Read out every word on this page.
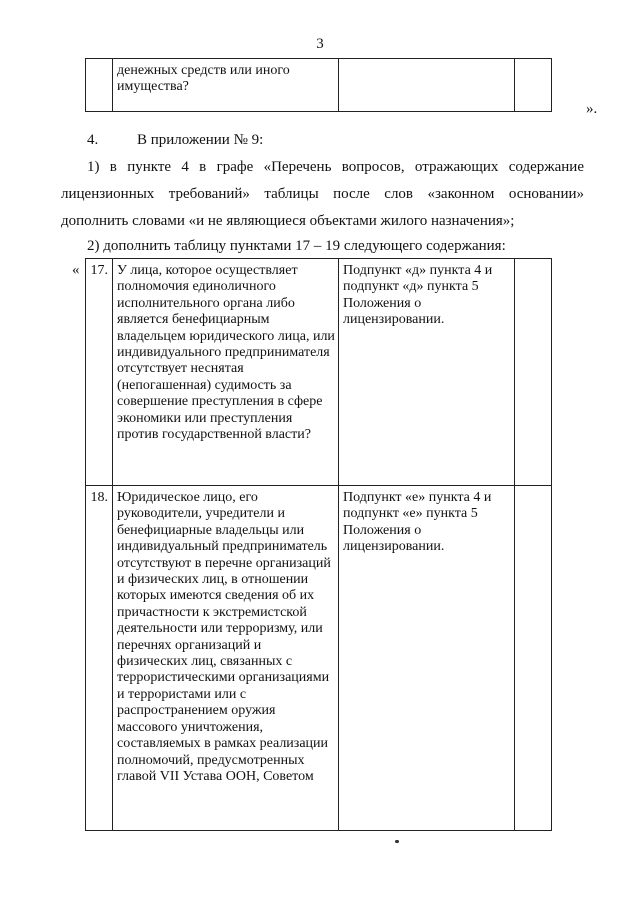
3

денежных средств или иного имущества?

».
4.	В приложении № 9:
1) в пункте 4 в графе «Перечень вопросов, отражающих содержание
лицензионных требований» таблицы после слов «законном основании»
дополнить словами «и не являющиеся объектами жилого назначения»;
2) дополнить таблицу пунктами 17 – 19 следующего содержания:
« 17.	У лица, которое осуществляет полномочия единоличного исполнительного органа либо является бенефициарным владельцем юридического лица, или индивидуального предпринимателя отсутствует неснятая (непогашенная) судимость за совершение преступления в сфере экономики или преступления против государственной власти?	Подпункт «д» пункта 4 и подпункт «д» пункта 5 Положения о лицензировании.	

18.	Юридическое лицо, его руководители, учредители и бенефициарные владельцы или индивидуальный предприниматель отсутствуют в перечне организаций и физических лиц, в отношении которых имеются сведения об их причастности к экстремистской деятельности или терроризму, или перечнях организаций и физических лиц, связанных с террористическими организациями и террористами или с распространением оружия массового уничтожения, составляемых в рамках реализации полномочий, предусмотренных главой VII Устава ООН, Советом	Подпункт «е» пункта 4 и подпункт «е» пункта 5 Положения о лицензировании.	
